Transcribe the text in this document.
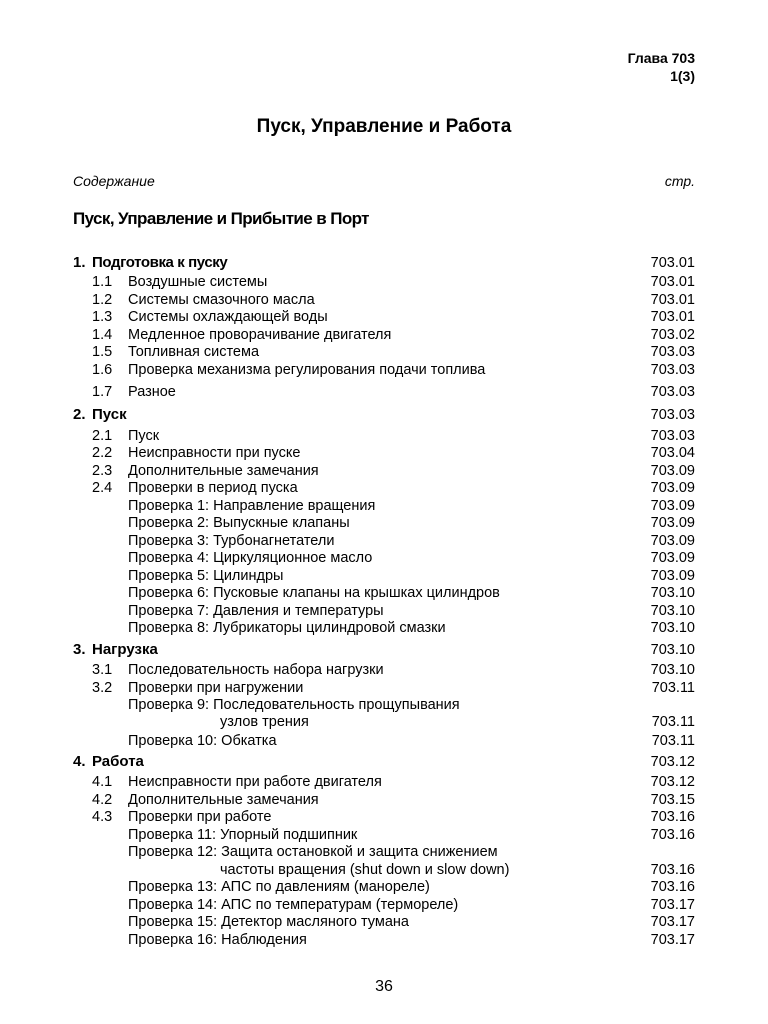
Глава 703
1(3)
Пуск, Управление и Работа
Содержание	стр.
Пуск, Управление и Прибытие в Порт
1. Подготовка к пуску	703.01
1.1 Воздушные системы	703.01
1.2 Системы смазочного масла	703.01
1.3 Системы охлаждающей воды	703.01
1.4 Медленное проворачивание двигателя	703.02
1.5 Топливная система	703.03
1.6 Проверка механизма регулирования подачи топлива	703.03
1.7 Разное	703.03
2. Пуск	703.03
2.1 Пуск	703.03
2.2 Неисправности при пуске	703.04
2.3 Дополнительные замечания	703.09
2.4 Проверки в период пуска	703.09
Проверка 1: Направление вращения	703.09
Проверка 2: Выпускные клапаны	703.09
Проверка 3: Турбонагнетатели	703.09
Проверка 4: Циркуляционное масло	703.09
Проверка 5: Цилиндры	703.09
Проверка 6: Пусковые клапаны на крышках цилиндров	703.10
Проверка 7: Давления и температуры	703.10
Проверка 8: Лубрикаторы цилиндровой смазки	703.10
3. Нагрузка	703.10
3.1 Последовательность набора нагрузки	703.10
3.2 Проверки при нагружении	703.11
Проверка 9: Последовательность прощупывания
узлов трения	703.11
Проверка 10: Обкатка	703.11
4. Работа	703.12
4.1 Неисправности при работе двигателя	703.12
4.2 Дополнительные замечания	703.15
4.3 Проверки при работе	703.16
Проверка 11: Упорный подшипник	703.16
Проверка 12: Защита остановкой и защита снижением
частоты вращения (shut down и slow down)	703.16
Проверка 13: АПС по давлениям (манореле)	703.16
Проверка 14: АПС по температурам (термореле)	703.17
Проверка 15: Детектор масляного тумана	703.17
Проверка 16: Наблюдения	703.17
36
